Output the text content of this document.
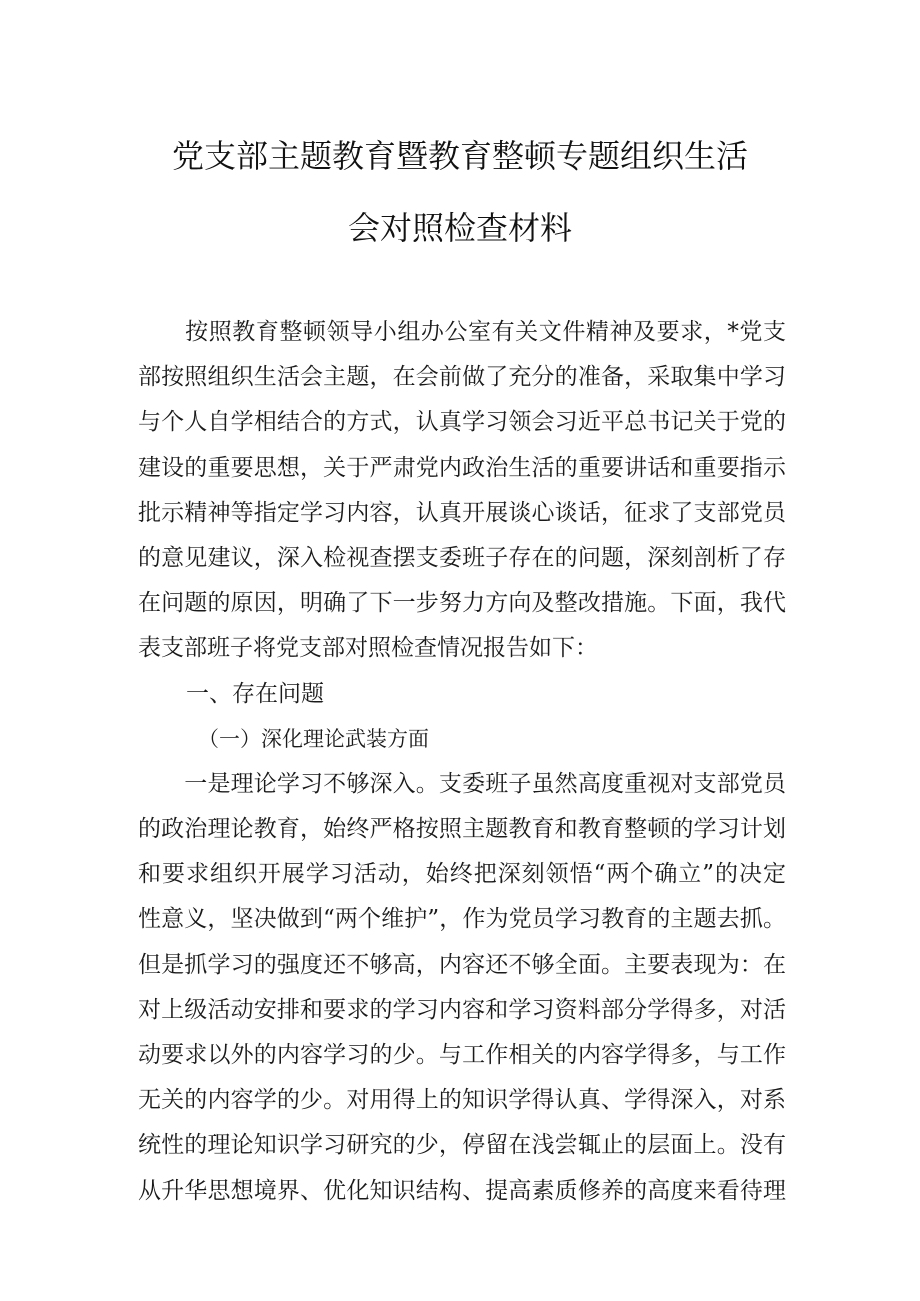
党支部主题教育暨教育整顿专题组织生活
会对照检查材料
　　按照教育整顿领导小组办公室有关文件精神及要求，*党支
部按照组织生活会主题，在会前做了充分的准备，采取集中学习
与个人自学相结合的方式，认真学习领会习近平总书记关于党的
建设的重要思想，关于严肃党内政治生活的重要讲话和重要指示
批示精神等指定学习内容，认真开展谈心谈话，征求了支部党员
的意见建议，深入检视查摆支委班子存在的问题，深刻剖析了存
在问题的原因，明确了下一步努力方向及整改措施。下面，我代
表支部班子将党支部对照检查情况报告如下：
一、存在问题
（一）深化理论武装方面
　　一是理论学习不够深入。支委班子虽然高度重视对支部党员
的政治理论教育，始终严格按照主题教育和教育整顿的学习计划
和要求组织开展学习活动，始终把深刻领悟“两个确立”的决定
性意义，坚决做到“两个维护”，作为党员学习教育的主题去抓。
但是抓学习的强度还不够高，内容还不够全面。主要表现为：在
对上级活动安排和要求的学习内容和学习资料部分学得多，对活
动要求以外的内容学习的少。与工作相关的内容学得多，与工作
无关的内容学的少。对用得上的知识学得认真、学得深入，对系
统性的理论知识学习研究的少，停留在浅尝辄止的层面上。没有
从升华思想境界、优化知识结构、提高素质修养的高度来看待理
